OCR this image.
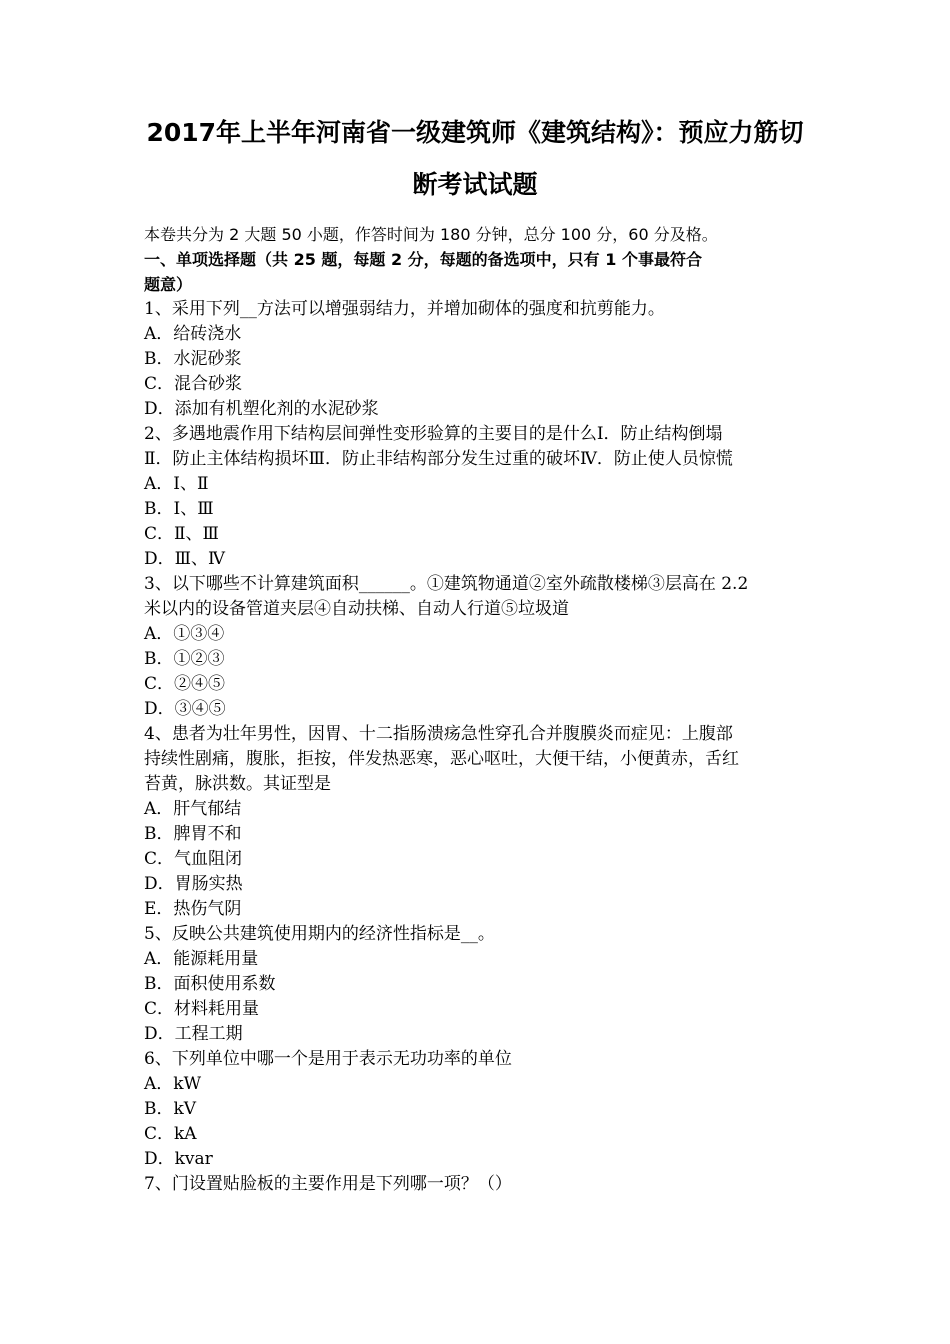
2017年上半年河南省一级建筑师《建筑结构》：预应力筋切
断考试试题
本卷共分为 2 大题 50 小题，作答时间为 180 分钟，总分 100 分，60 分及格。
一、单项选择题（共 25 题，每题 2 分，每题的备选项中，只有 1 个事最符合
题意）
1、采用下列__方法可以增强弱结力，并增加砌体的强度和抗剪能力。
A．给砖浇水
B．水泥砂浆
C．混合砂浆
D．添加有机塑化剂的水泥砂浆
2、多遇地震作用下结构层间弹性变形验算的主要目的是什么Ⅰ．防止结构倒塌
Ⅱ．防止主体结构损坏Ⅲ．防止非结构部分发生过重的破坏Ⅳ．防止使人员惊慌
A．Ⅰ、Ⅱ
B．Ⅰ、Ⅲ
C．Ⅱ、Ⅲ
D．Ⅲ、Ⅳ
3、以下哪些不计算建筑面积______。①建筑物通道②室外疏散楼梯③层高在 2.2
米以内的设备管道夹层④自动扶梯、自动人行道⑤垃圾道
A．①③④
B．①②③
C．②④⑤
D．③④⑤
4、患者为壮年男性，因胃、十二指肠溃疡急性穿孔合并腹膜炎而症见：上腹部
持续性剧痛，腹胀，拒按，伴发热恶寒，恶心呕吐，大便干结，小便黄赤，舌红
苔黄，脉洪数。其证型是
A．肝气郁结
B．脾胃不和
C．气血阻闭
D．胃肠实热
E．热伤气阴
5、反映公共建筑使用期内的经济性指标是__。
A．能源耗用量
B．面积使用系数
C．材料耗用量
D．工程工期
6、下列单位中哪一个是用于表示无功功率的单位
A．kW
B．kV
C．kA
D．kvar
7、门设置贴脸板的主要作用是下列哪一项？（）
